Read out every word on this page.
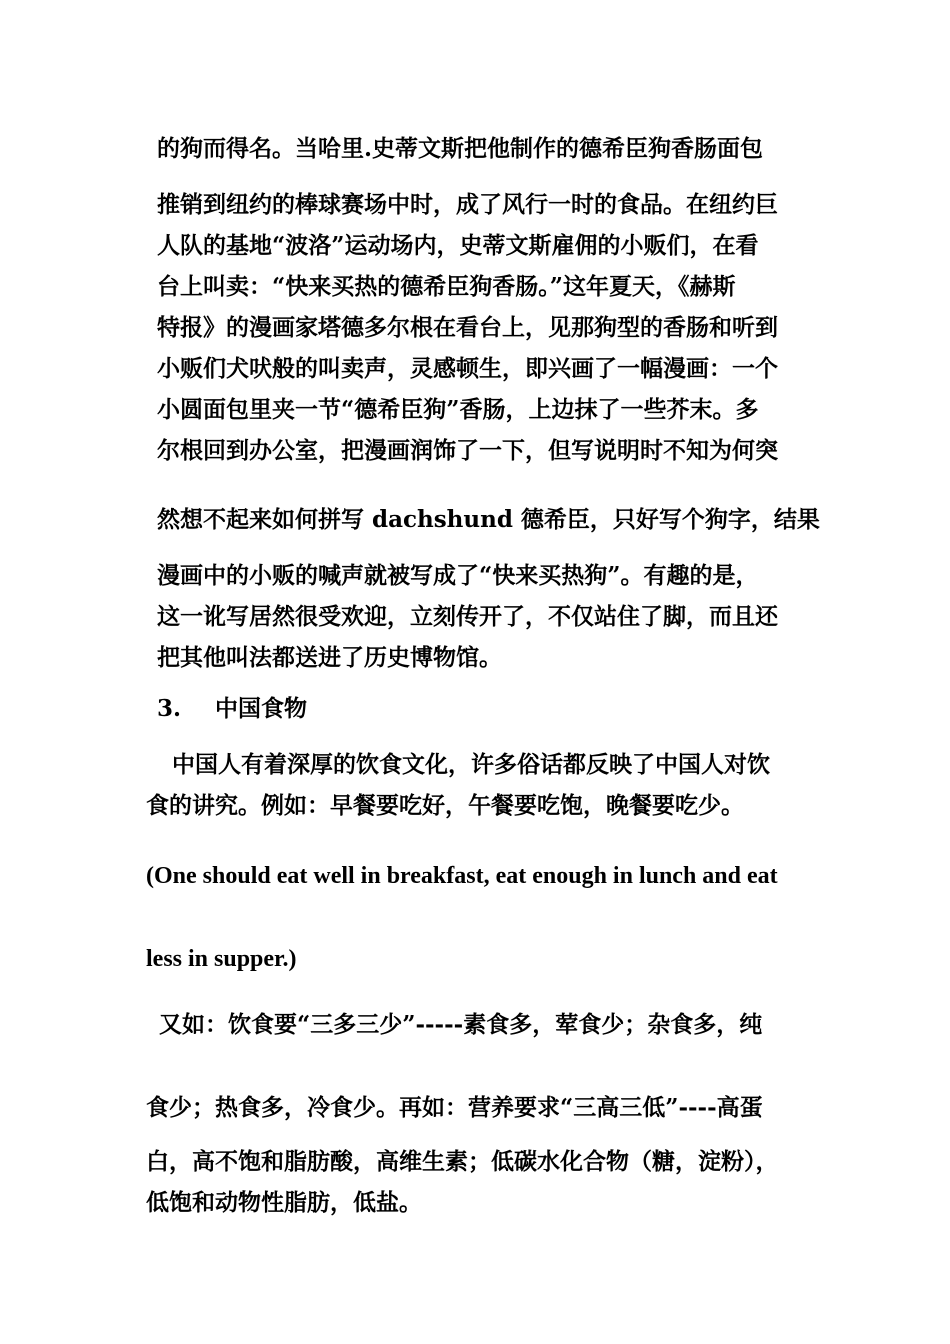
的狗而得名。当哈里.史蒂文斯把他制作的德希臣狗香肠面包
推销到纽约的棒球赛场中时，成了风行一时的食品。在纽约巨
人队的基地“波洛”运动场内，史蒂文斯雇佣的小贩们，在看
台上叫卖：“快来买热的德希臣狗香肠。”这年夏天，《赫斯
特报》的漫画家塔德多尔根在看台上，见那狗型的香肠和听到
小贩们犬吠般的叫卖声，灵感顿生，即兴画了一幅漫画：一个
小圆面包里夹一节“德希臣狗”香肠，上边抹了一些芥末。多
尔根回到办公室，把漫画润饰了一下，但写说明时不知为何突
然想不起来如何拼写 dachshund 德希臣，只好写个狗字，结果
漫画中的小贩的喊声就被写成了“快来买热狗”。有趣的是，
这一讹写居然很受欢迎，立刻传开了，不仅站住了脚，而且还
把其他叫法都送进了历史博物馆。
3. 中国食物
中国人有着深厚的饮食文化，许多俗话都反映了中国人对饮
食的讲究。例如：早餐要吃好，午餐要吃饱，晚餐要吃少。
(One should eat well in breakfast, eat enough in lunch and eat
less in supper.)
又如：饮食要“三多三少”-----素食多，荤食少；杂食多，纯
食少；热食多，冷食少。再如：营养要求“三高三低”----高蛋
白，高不饱和脂肪酸，高维生素；低碳水化合物（糖，淀粉），
低饱和动物性脂肪，低盐。
